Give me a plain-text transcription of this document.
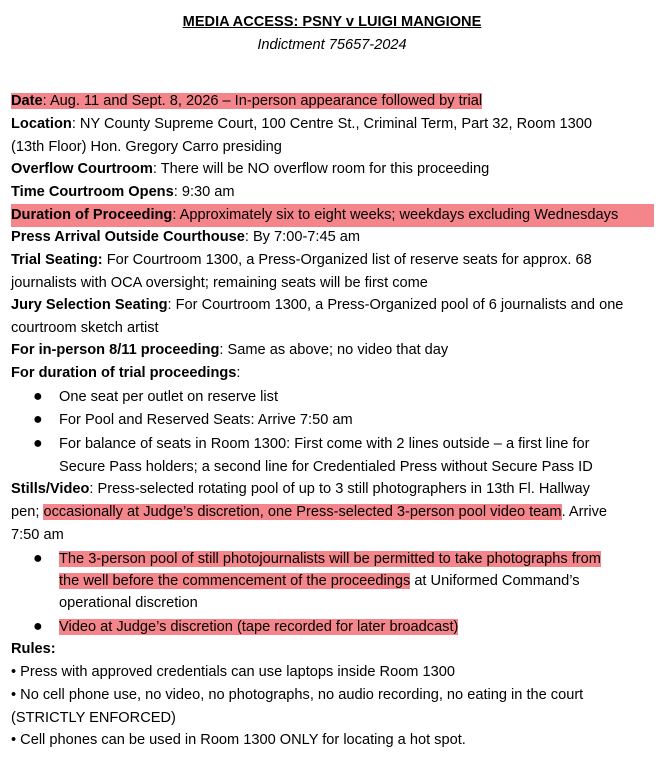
MEDIA ACCESS: PSNY v LUIGI MANGIONE
Indictment 75657-2024
Date: Aug. 11 and Sept. 8, 2026 – In-person appearance followed by trial
Location: NY County Supreme Court, 100 Centre St., Criminal Term, Part 32, Room 1300
(13th Floor) Hon. Gregory Carro presiding
Overflow Courtroom: There will be NO overflow room for this proceeding
Time Courtroom Opens: 9:30 am
Duration of Proceeding: Approximately six to eight weeks; weekdays excluding Wednesdays
Press Arrival Outside Courthouse: By 7:00-7:45 am
Trial Seating: For Courtroom 1300, a Press-Organized list of reserve seats for approx. 68
journalists with OCA oversight; remaining seats will be first come
Jury Selection Seating: For Courtroom 1300, a Press-Organized pool of 6 journalists and one
courtroom sketch artist
For in-person 8/11 proceeding: Same as above; no video that day
For duration of trial proceedings:
● One seat per outlet on reserve list
● For Pool and Reserved Seats: Arrive 7:50 am
● For balance of seats in Room 1300: First come with 2 lines outside – a first line for
Secure Pass holders; a second line for Credentialed Press without Secure Pass ID
Stills/Video: Press-selected rotating pool of up to 3 still photographers in 13th Fl. Hallway
pen; occasionally at Judge’s discretion, one Press-selected 3-person pool video team. Arrive
7:50 am
● The 3-person pool of still photojournalists will be permitted to take photographs from
the well before the commencement of the proceedings at Uniformed Command’s
operational discretion
● Video at Judge’s discretion (tape recorded for later broadcast)
Rules:
• Press with approved credentials can use laptops inside Room 1300
• No cell phone use, no video, no photographs, no audio recording, no eating in the court
(STRICTLY ENFORCED)
• Cell phones can be used in Room 1300 ONLY for locating a hot spot.
